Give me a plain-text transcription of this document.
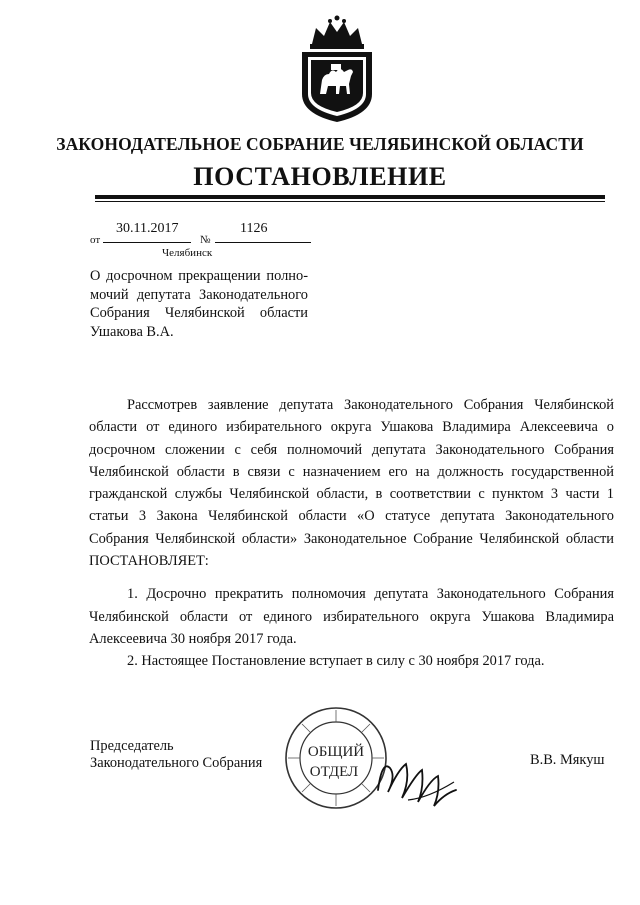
ЗАКОНОДАТЕЛЬНОЕ СОБРАНИЕ ЧЕЛЯБИНСКОЙ ОБЛАСТИ
ПОСТАНОВЛЕНИЕ
от
30.11.2017
№
1126
Челябинск
О досрочном прекращении полно-
мочий депутата Законодательного
Собрания Челябинской области
Ушакова В.А.

Рассмотрев заявление депутата Законодательного Собрания Челябинской области от единого избирательного округа Ушакова Владимира Алексеевича о досрочном сложении с себя полномочий депутата Законодательного Собрания Челябинской области в связи с назначением его на должность государственной гражданской службы Челябинской области, в соответствии с пунктом 3 части 1 статьи 3 Закона Челябинской области «О статусе депутата Законодательного Собрания Челябинской области» Законодательное Собрание Челябинской области ПОСТАНОВЛЯЕТ:

1. Досрочно прекратить полномочия депутата Законодательного Собрания Челябинской области от единого избирательного округа Ушакова Владимира Алексеевича 30 ноября 2017 года.

2. Настоящее Постановление вступает в силу с 30 ноября 2017 года.

Председатель
Законодательного Собрания
ОБЩИЙ
ОТДЕЛ
В.В. Мякуш
